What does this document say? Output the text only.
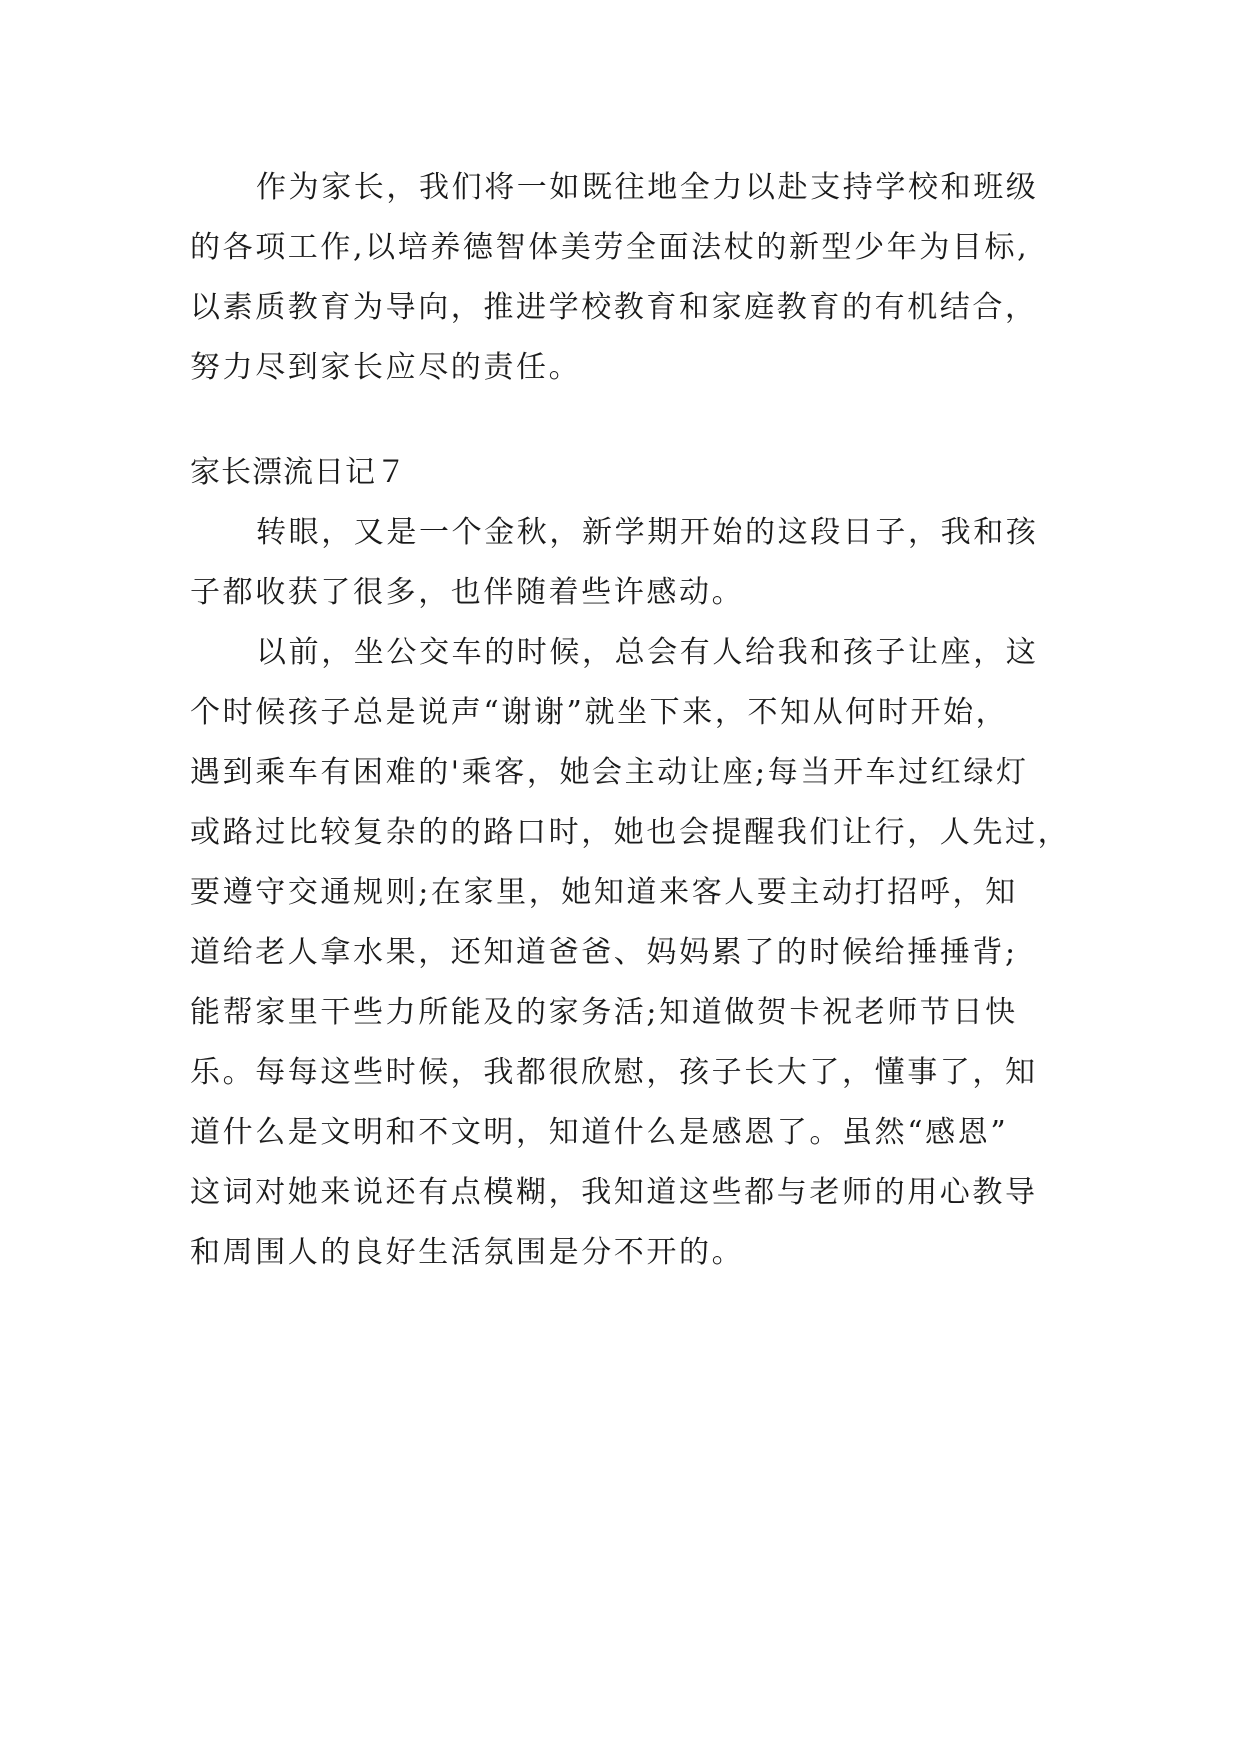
作为家长，我们将一如既往地全力以赴支持学校和班级
的各项工作,以培养德智体美劳全面法杖的新型少年为目标,
以素质教育为导向，推进学校教育和家庭教育的有机结合，
努力尽到家长应尽的责任。
家长漂流日记７
转眼，又是一个金秋，新学期开始的这段日子，我和孩
子都收获了很多，也伴随着些许感动。
以前，坐公交车的时候，总会有人给我和孩子让座，这
个时候孩子总是说声“谢谢”就坐下来，不知从何时开始，
遇到乘车有困难的'乘客，她会主动让座;每当开车过红绿灯
或路过比较复杂的的路口时，她也会提醒我们让行，人先过，
要遵守交通规则;在家里，她知道来客人要主动打招呼，知
道给老人拿水果，还知道爸爸、妈妈累了的时候给捶捶背;
能帮家里干些力所能及的家务活;知道做贺卡祝老师节日快
乐。每每这些时候，我都很欣慰，孩子长大了，懂事了，知
道什么是文明和不文明，知道什么是感恩了。虽然“感恩”
这词对她来说还有点模糊，我知道这些都与老师的用心教导
和周围人的良好生活氛围是分不开的。
